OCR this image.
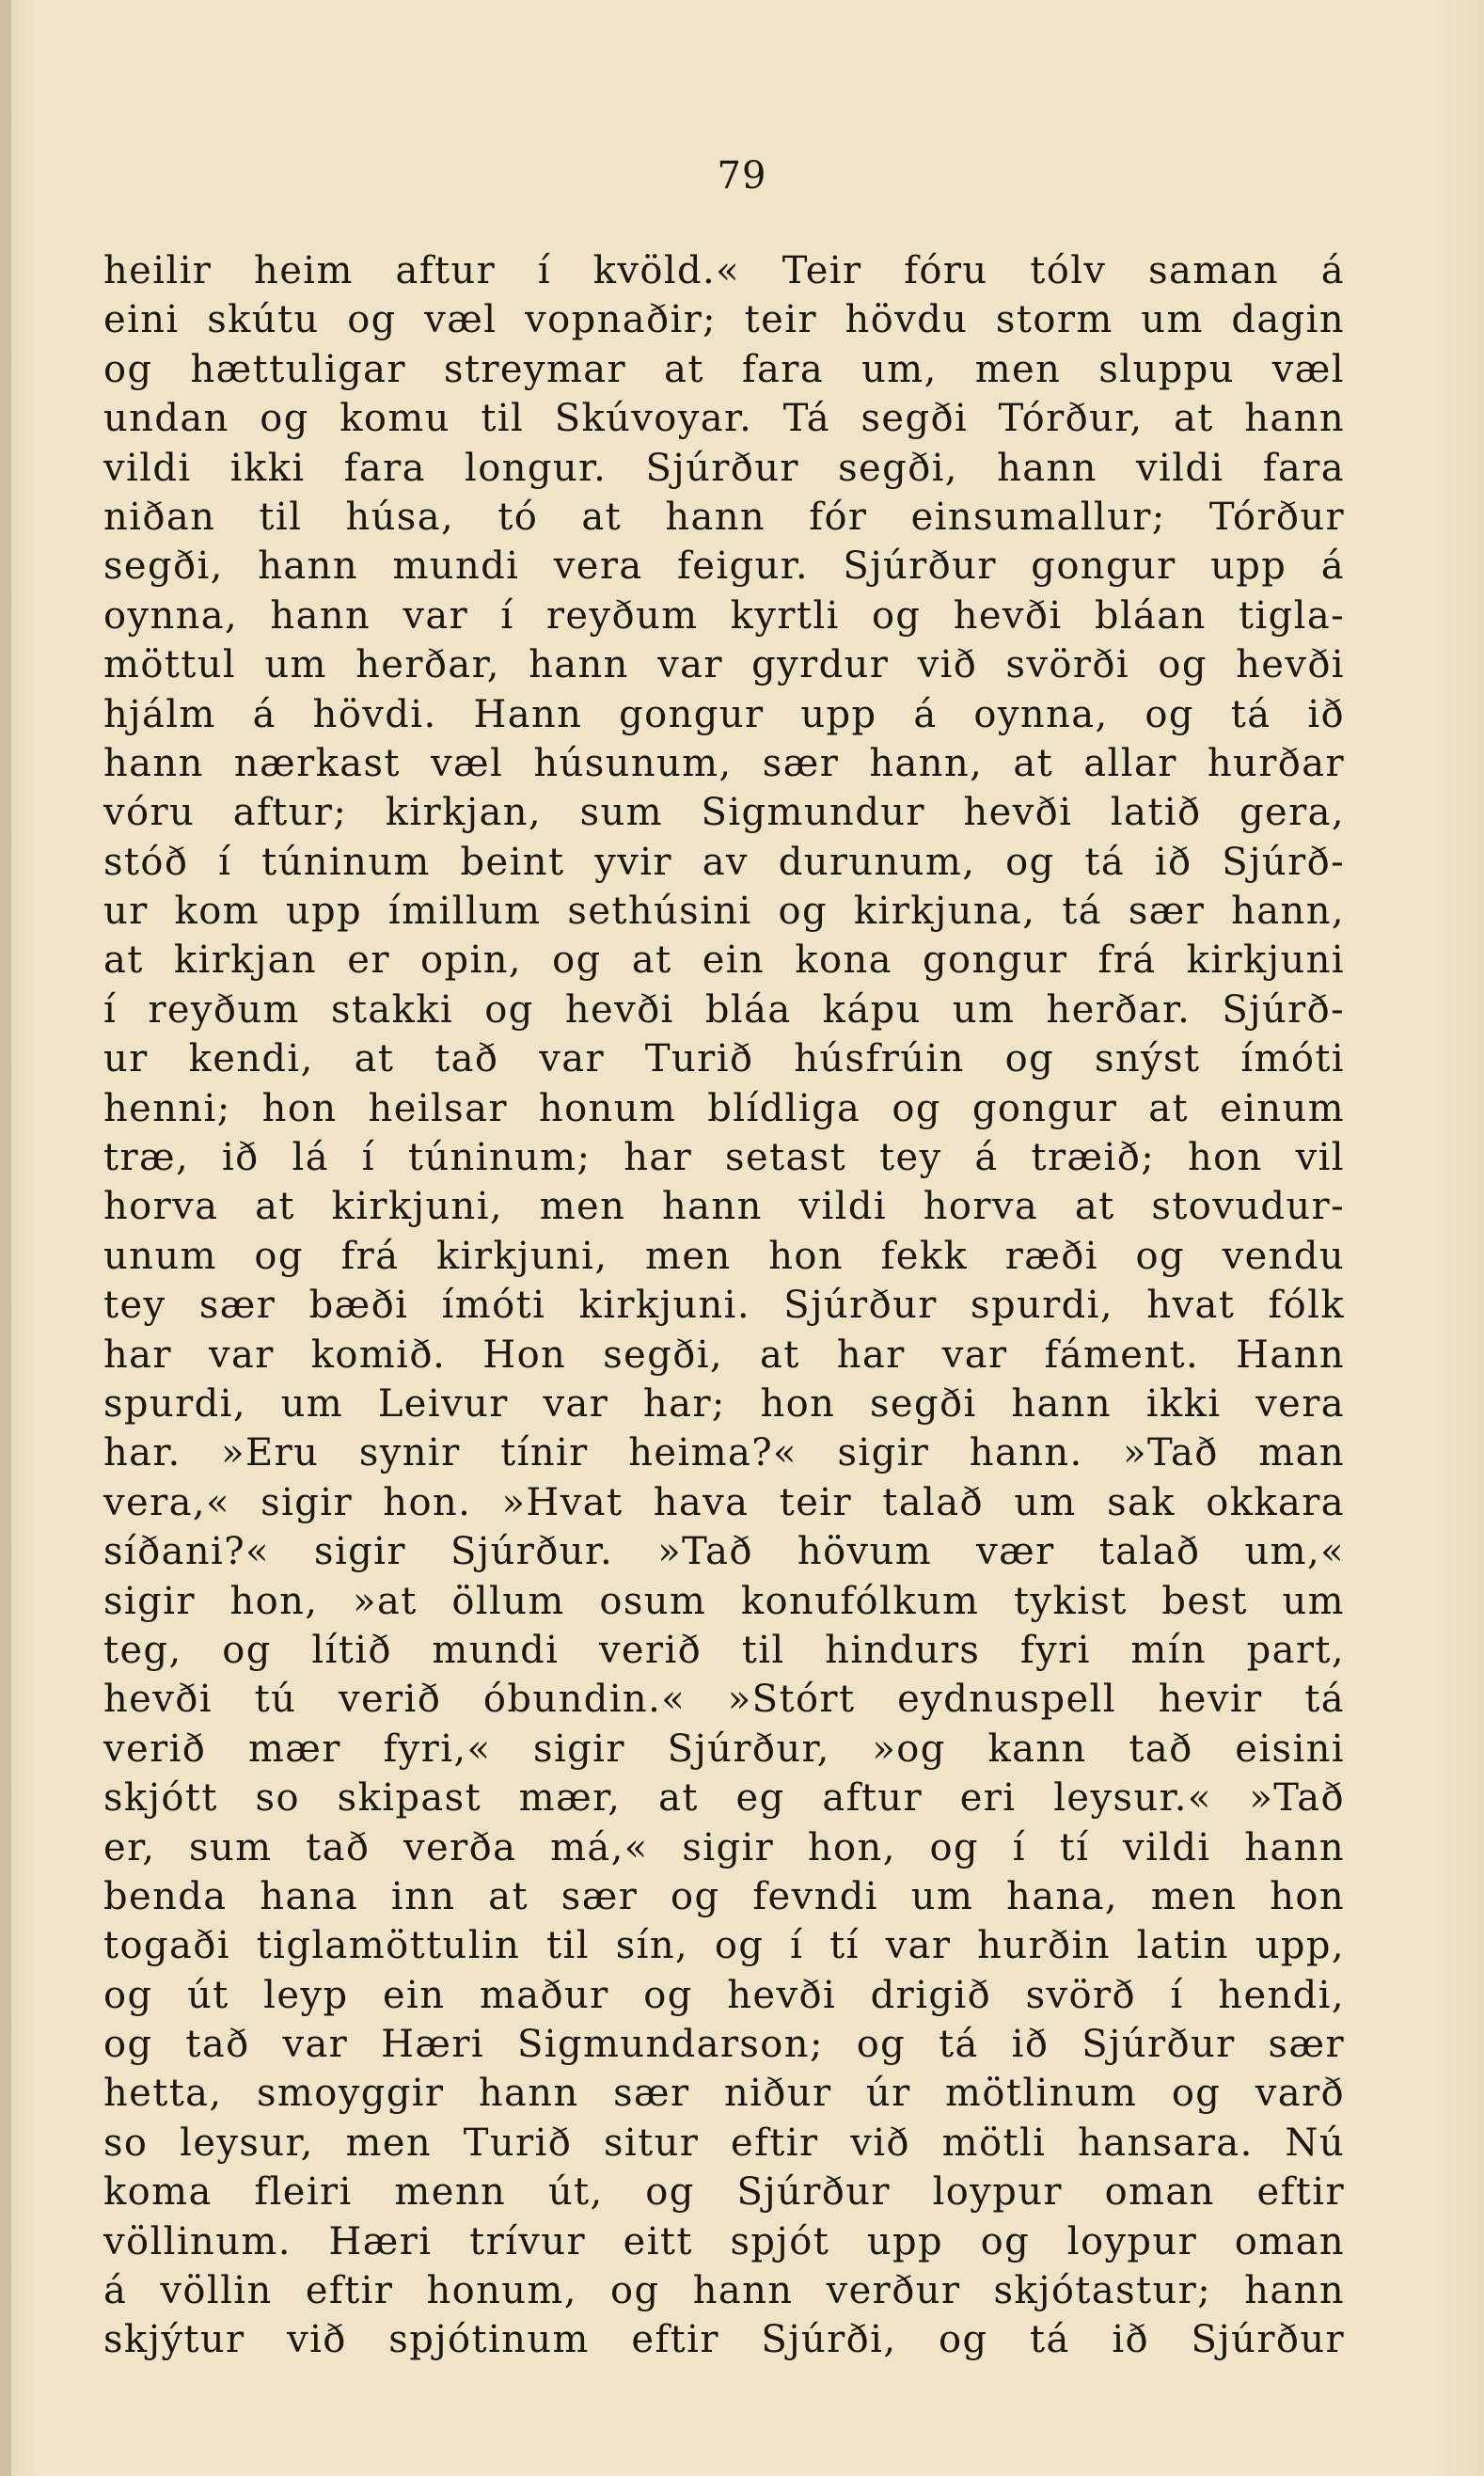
79
heilir heim aftur í kvöld.« Teir fóru tólv saman á
eini skútu og væl vopnaðir; teir hövdu storm um dagin
og hættuligar streymar at fara um, men sluppu væl
undan og komu til Skúvoyar. Tá segði Tórður, at hann
vildi ikki fara longur. Sjúrður segði, hann vildi fara
niðan til húsa, tó at hann fór einsumallur; Tórður
segði, hann mundi vera feigur. Sjúrður gongur upp á
oynna, hann var í reyðum kyrtli og hevði bláan tigla-
möttul um herðar, hann var gyrdur við svörði og hevði
hjálm á hövdi. Hann gongur upp á oynna, og tá ið
hann nærkast væl húsunum, sær hann, at allar hurðar
vóru aftur; kirkjan, sum Sigmundur hevði latið gera,
stóð í túninum beint yvir av durunum, og tá ið Sjúrð-
ur kom upp ímillum sethúsini og kirkjuna, tá sær hann,
at kirkjan er opin, og at ein kona gongur frá kirkjuni
í reyðum stakki og hevði bláa kápu um herðar. Sjúrð-
ur kendi, at tað var Turið húsfrúin og snýst ímóti
henni; hon heilsar honum blídliga og gongur at einum
træ, ið lá í túninum; har setast tey á træið; hon vil
horva at kirkjuni, men hann vildi horva at stovudur-
unum og frá kirkjuni, men hon fekk ræði og vendu
tey sær bæði ímóti kirkjuni. Sjúrður spurdi, hvat fólk
har var komið. Hon segði, at har var fáment. Hann
spurdi, um Leivur var har; hon segði hann ikki vera
har. »Eru synir tínir heima?« sigir hann. »Tað man
vera,« sigir hon. »Hvat hava teir talað um sak okkara
síðani?« sigir Sjúrður. »Tað hövum vær talað um,«
sigir hon, »at öllum osum konufólkum tykist best um
teg, og lítið mundi verið til hindurs fyri mín part,
hevði tú verið óbundin.« »Stórt eydnuspell hevir tá
verið mær fyri,« sigir Sjúrður, »og kann tað eisini
skjótt so skipast mær, at eg aftur eri leysur.« »Tað
er, sum tað verða má,« sigir hon, og í tí vildi hann
benda hana inn at sær og fevndi um hana, men hon
togaði tiglamöttulin til sín, og í tí var hurðin latin upp,
og út leyp ein maður og hevði drigið svörð í hendi,
og tað var Hæri Sigmundarson; og tá ið Sjúrður sær
hetta, smoyggir hann sær niður úr mötlinum og varð
so leysur, men Turið situr eftir við mötli hansara. Nú
koma fleiri menn út, og Sjúrður loypur oman eftir
völlinum. Hæri trívur eitt spjót upp og loypur oman
á völlin eftir honum, og hann verður skjótastur; hann
skjýtur við spjótinum eftir Sjúrði, og tá ið Sjúrður
